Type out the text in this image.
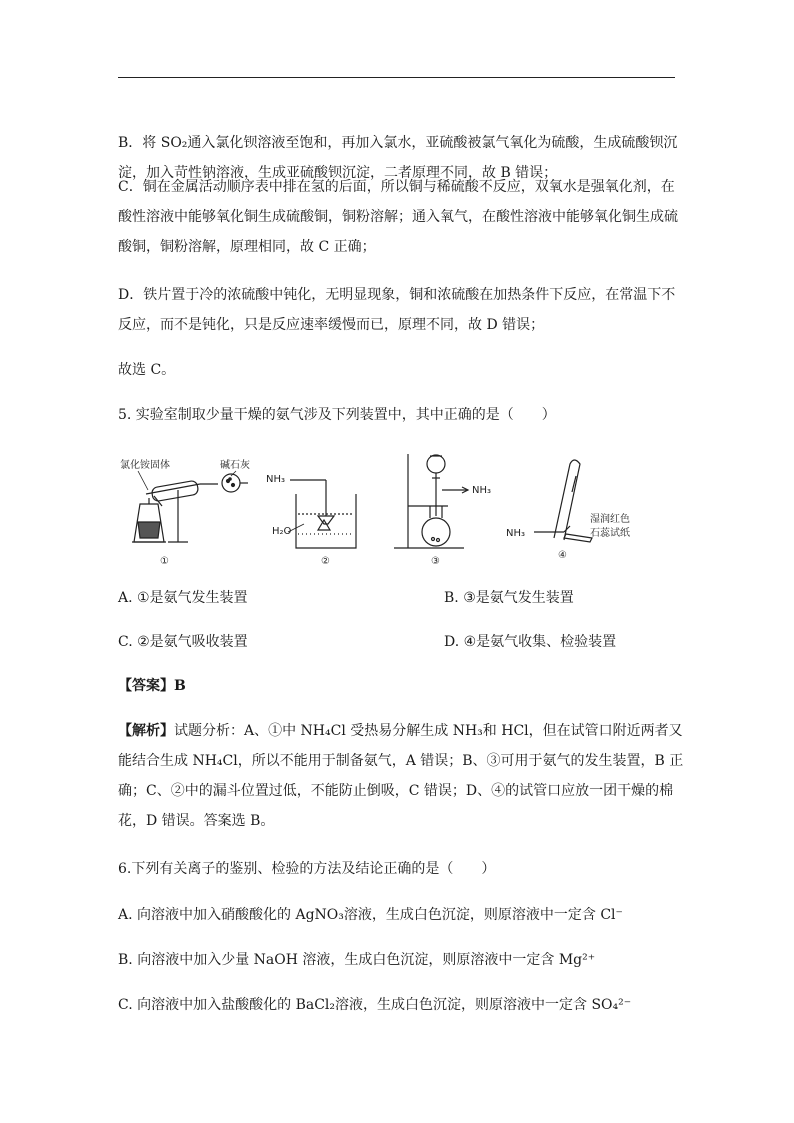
B．将 SO₂通入氯化钡溶液至饱和，再加入氯水，亚硫酸被氯气氧化为硫酸，生成硫酸钡沉
淀，加入苛性钠溶液，生成亚硫酸钡沉淀，二者原理不同，故 B 错误；

C．铜在金属活动顺序表中排在氢的后面，所以铜与稀硫酸不反应，双氧水是强氧化剂，在
酸性溶液中能够氧化铜生成硫酸铜，铜粉溶解；通入氧气，在酸性溶液中能够氧化铜生成硫
酸铜，铜粉溶解，原理相同，故 C 正确；

D．铁片置于冷的浓硫酸中钝化，无明显现象，铜和浓硫酸在加热条件下反应，在常温下不
反应，而不是钝化，只是反应速率缓慢而已，原理不同，故 D 错误；

故选 C。

5. 实验室制取少量干燥的氨气涉及下列装置中，其中正确的是（　　）

氯化铵固体	碱石灰
①
NH₃
H₂O
②
NH₃
③
NH₃
湿润红色
石蕊试纸
④
A. ①是氨气发生装置	B. ③是氨气发生装置
C. ②是氨气吸收装置	D. ④是氨气收集、检验装置
【答案】B

【解析】试题分析：A、①中 NH₄Cl 受热易分解生成 NH₃和 HCl，但在试管口附近两者又
能结合生成 NH₄Cl，所以不能用于制备氨气，A 错误；B、③可用于氨气的发生装置，B 正
确；C、②中的漏斗位置过低，不能防止倒吸，C 错误；D、④的试管口应放一团干燥的棉
花，D 错误。答案选 B。

6.下列有关离子的鉴别、检验的方法及结论正确的是（　　）

A. 向溶液中加入硝酸酸化的 AgNO₃溶液，生成白色沉淀，则原溶液中一定含 Cl⁻
B. 向溶液中加入少量 NaOH 溶液，生成白色沉淀，则原溶液中一定含 Mg²⁺
C. 向溶液中加入盐酸酸化的 BaCl₂溶液，生成白色沉淀，则原溶液中一定含 SO₄²⁻
